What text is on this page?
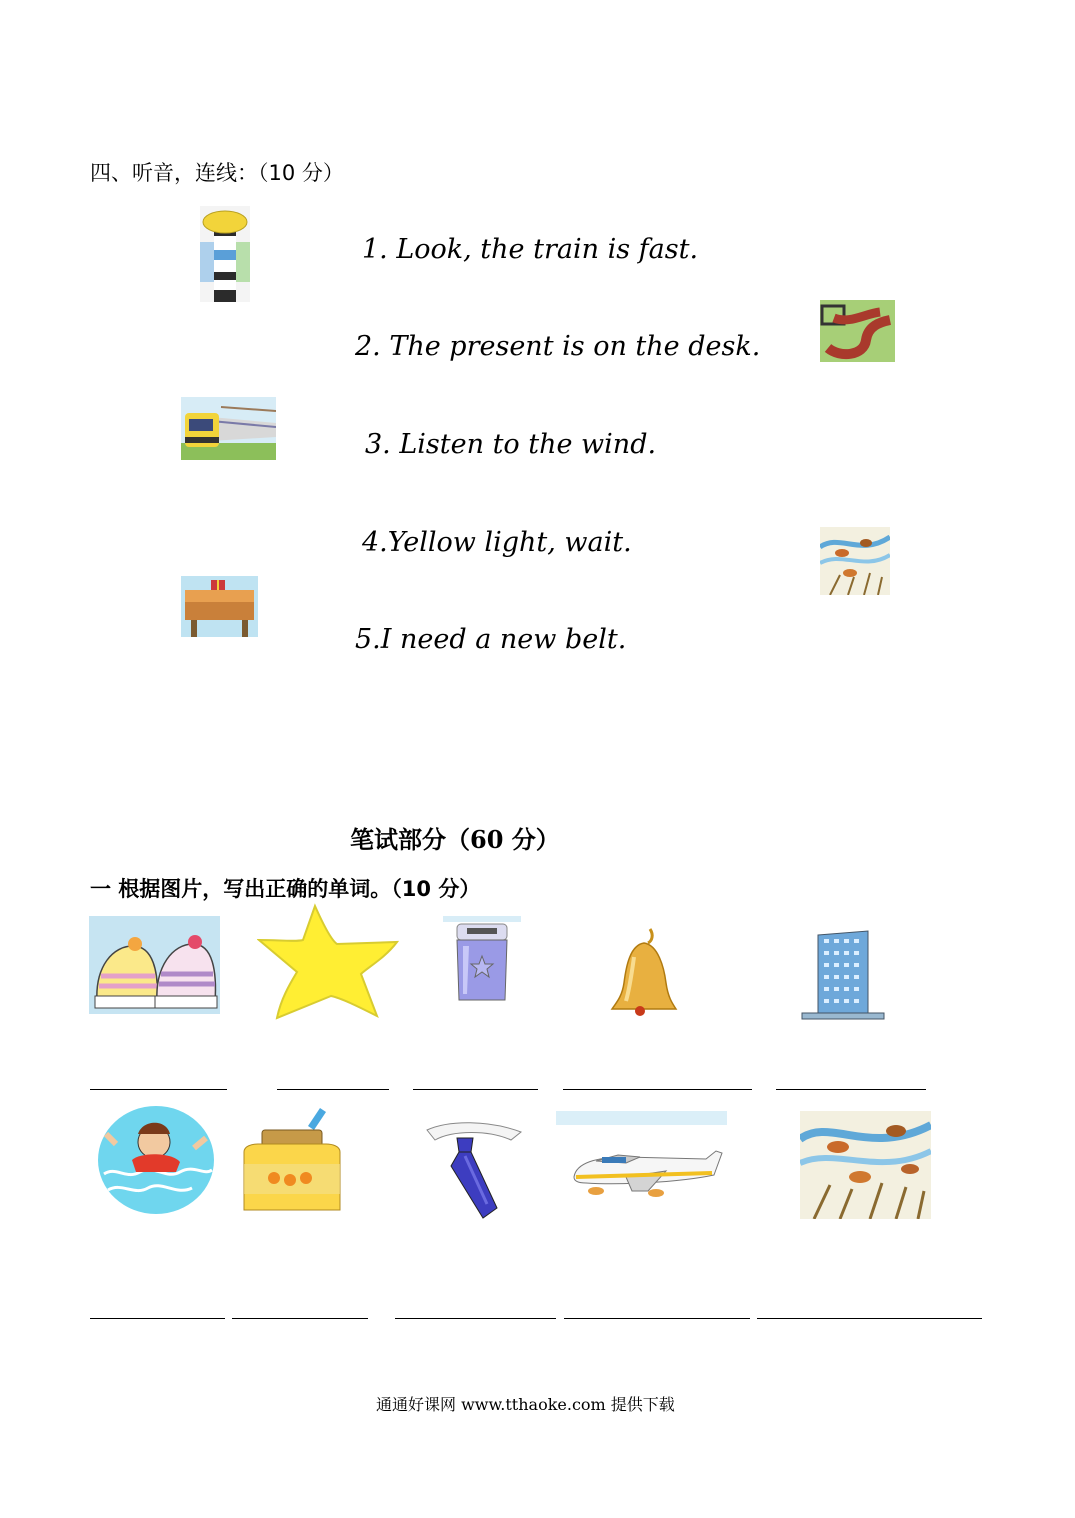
四、听音，连线：（10 分）
1. Look, the train is fast.
2. The present is on the desk.
3. Listen to the wind.
4.Yellow light, wait.
5.I need a new belt.
笔试部分（60 分）
一 根据图片，写出正确的单词。（10 分）
通通好课网 www.tthaoke.com 提供下载
